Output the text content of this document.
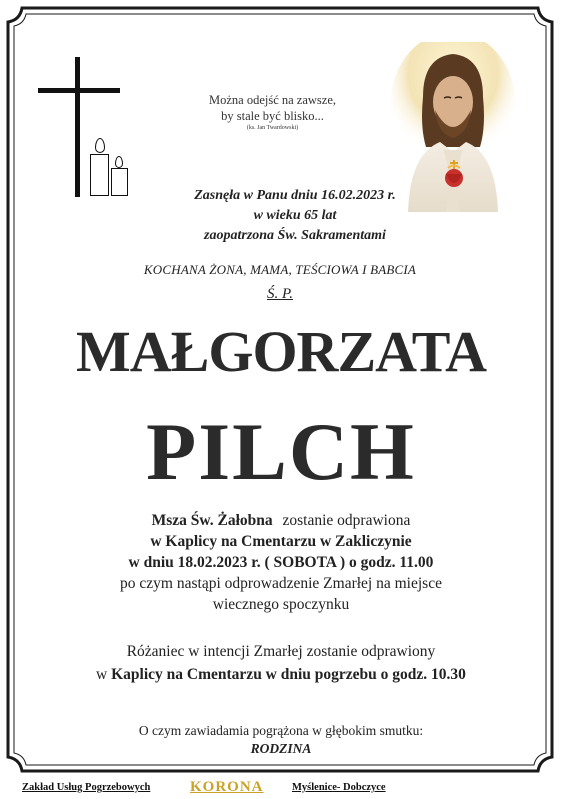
Można odejść na zawsze,
by stale być blisko...
(ks. Jan Twardowski)
Zasnęła w Panu dniu 16.02.2023 r.
w wieku 65 lat
zaopatrzona Św. Sakramentami
KOCHANA ŻONA, MAMA, TEŚCIOWA I BABCIA
Ś. P.
MAŁGORZATA
PILCH
Msza Św. Żałobna zostanie odprawiona
w Kaplicy na Cmentarzu w Zakliczynie
w dniu 18.02.2023 r. ( SOBOTA ) o godz. 11.00
po czym nastąpi odprowadzenie Zmarłej na miejsce
wiecznego spoczynku
Różaniec w intencji Zmarłej zostanie odprawiony
w Kaplicy na Cmentarzu w dniu pogrzebu o godz. 10.30
O czym zawiadamia pogrążona w głębokim smutku:
RODZINA
Zakład Usług Pogrzebowych	KORONA	Myślenice- Dobczyce
